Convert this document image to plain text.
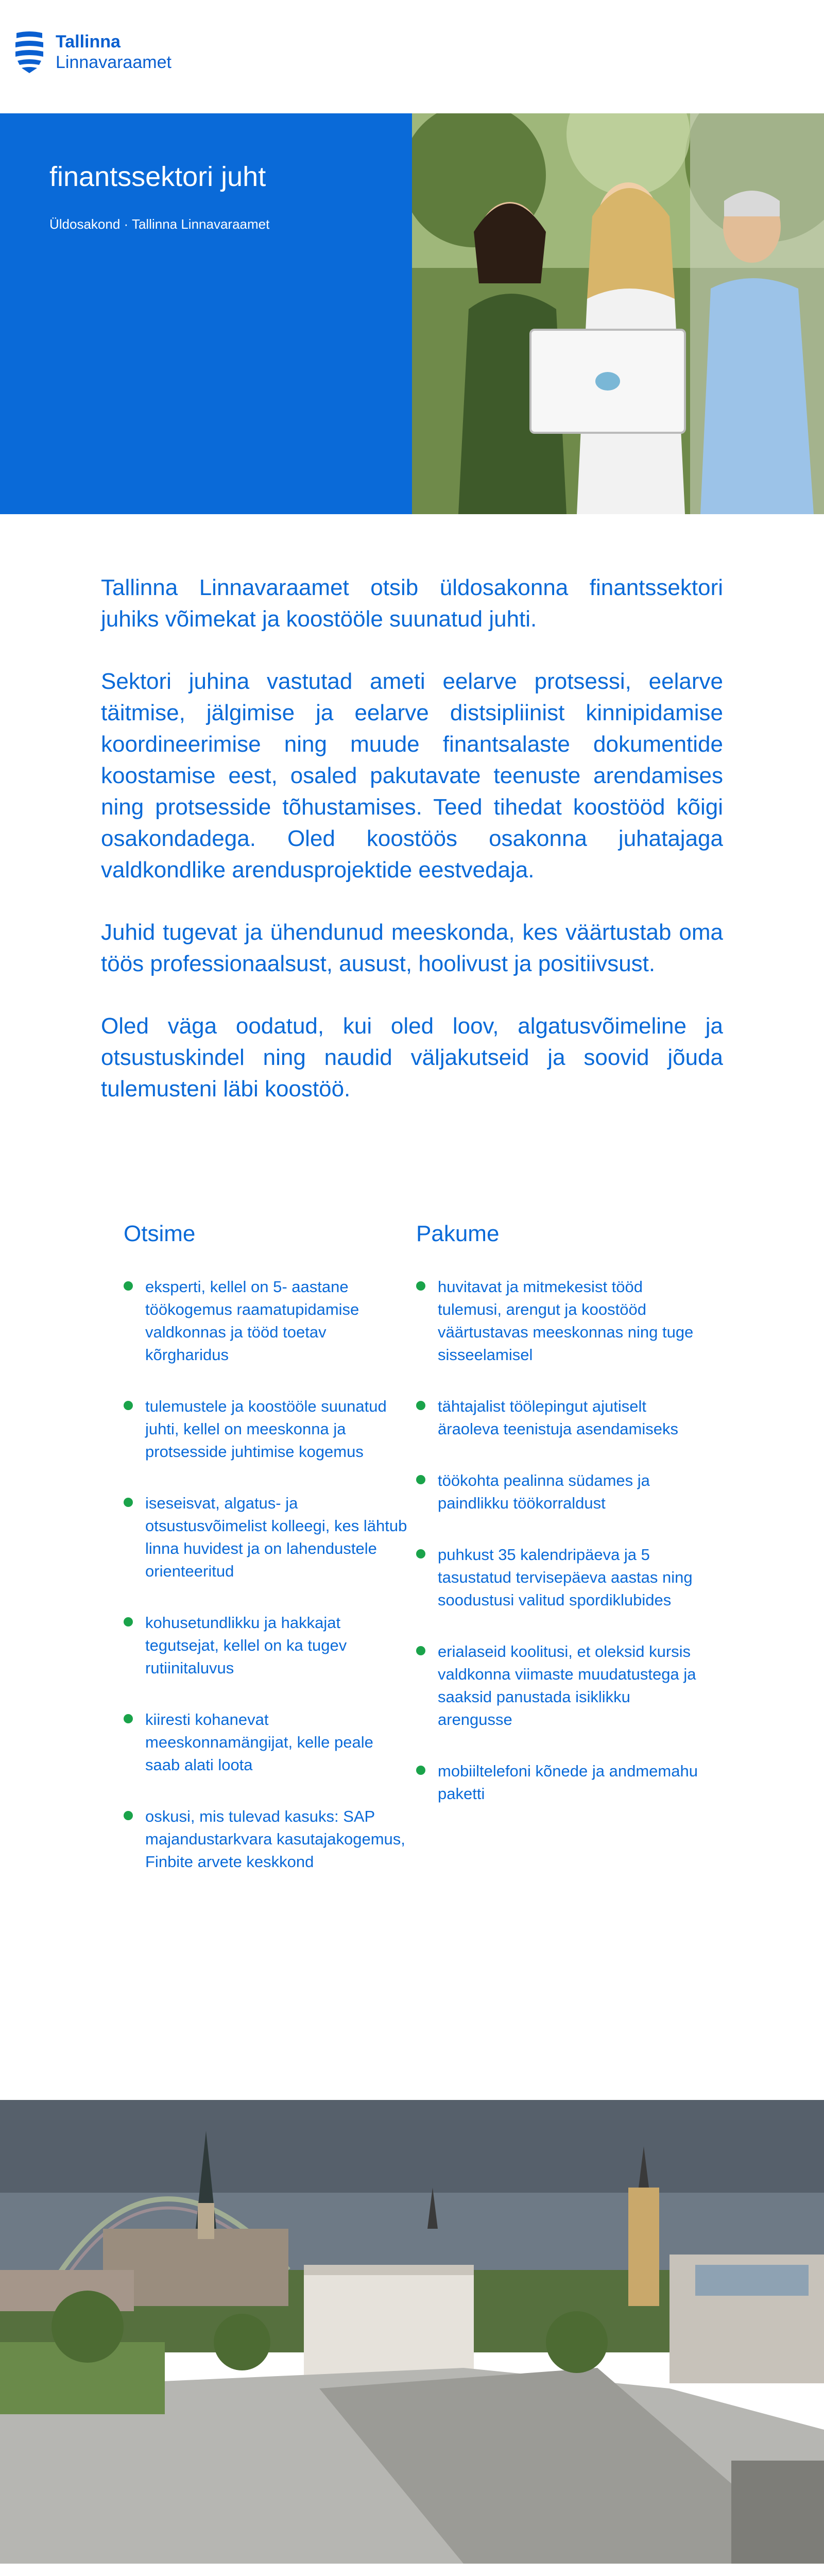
Tallinna
Linnavaraamet
finantssektori juht
Üldosakond · Tallinna Linnavaraamet

Tallinna Linnavaraamet otsib üldosakonna finantssektori juhiks võimekat ja koostööle suunatud juhti.

Sektori juhina vastutad ameti eelarve protsessi, eelarve täitmise, jälgimise ja eelarve distsipliinist kinnipidamise koordineerimise ning muude finantsalaste dokumentide koostamise eest, osaled pakutavate teenuste arendamises ning protsesside tõhustamises. Teed tihedat koostööd kõigi osakondadega. Oled koostöös osakonna juhatajaga valdkondlike arendusprojektide eestvedaja.

Juhid tugevat ja ühendunud meeskonda, kes väärtustab oma töös professionaalsust, ausust, hoolivust ja positiivsust.

Oled väga oodatud, kui oled loov, algatusvõimeline ja otsustuskindel ning naudid väljakutseid ja soovid jõuda tulemusteni läbi koostöö.

Otsime
eksperti, kellel on 5- aastane töökogemus raamatupidamise valdkonnas ja tööd toetav kõrgharidus
tulemustele ja koostööle suunatud juhti, kellel on meeskonna ja protsesside juhtimise kogemus
iseseisvat, algatus- ja otsustusvõimelist kolleegi, kes lähtub linna huvidest ja on lahendustele orienteeritud
kohusetundlikku ja hakkajat tegutsejat, kellel on ka tugev rutiinitaluvus
kiiresti kohanevat meeskonnamängijat, kelle peale saab alati loota
oskusi, mis tulevad kasuks: SAP majandustarkvara kasutajakogemus, Finbite arvete keskkond
Pakume
huvitavat ja mitmekesist tööd tulemusi, arengut ja koostööd väärtustavas meeskonnas ning tuge sisseelamisel
tähtajalist töölepingut ajutiselt äraoleva teenistuja asendamiseks
töökohta pealinna südames ja paindlikku töökorraldust
puhkust 35 kalendripäeva ja 5 tasustatud tervisepäeva aastas ning soodustusi valitud spordiklubides
erialaseid koolitusi, et oleksid kursis valdkonna viimaste muudatustega ja saaksid panustada isiklikku arengusse
mobiiltelefoni kõnede ja andmemahu paketti
